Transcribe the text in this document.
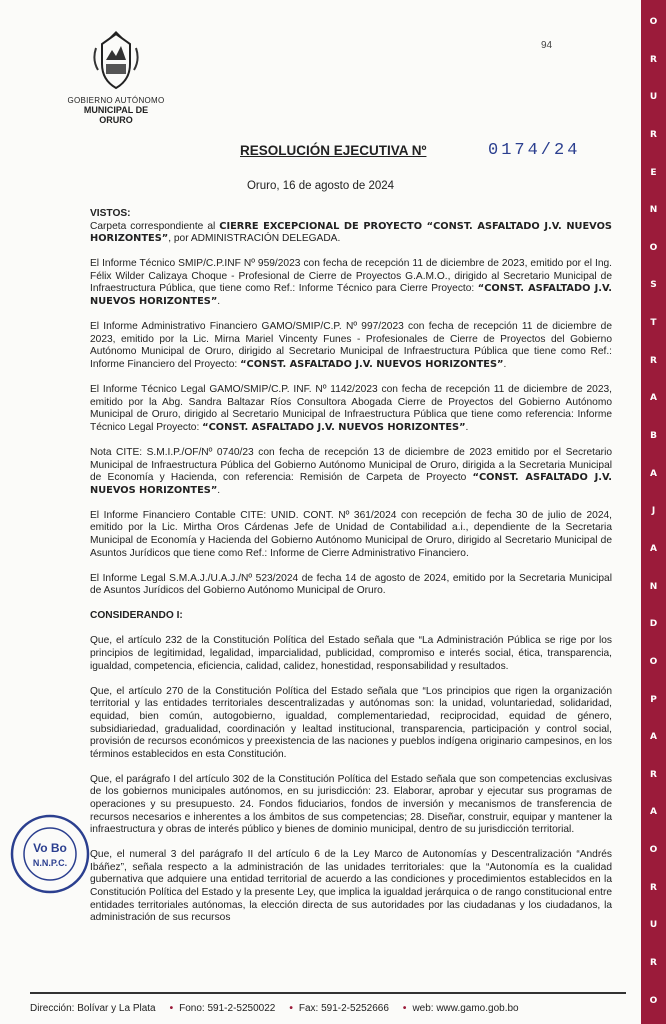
GOBIERNO AUTÓNOMO
MUNICIPAL DE ORURO
94
RESOLUCIÓN EJECUTIVA Nº	0174/24
Oruro, 16 de agosto de 2024

VISTOS:

Carpeta correspondiente al CIERRE EXCEPCIONAL DE PROYECTO “CONST. ASFALTADO J.V. NUEVOS HORIZONTES”, por ADMINISTRACIÓN DELEGADA.

El Informe Técnico SMIP/C.P.INF Nº 959/2023 con fecha de recepción 11 de diciembre de 2023, emitido por el Ing. Félix Wilder Calizaya Choque - Profesional de Cierre de Proyectos G.A.M.O., dirigido al Secretario Municipal de Infraestructura Pública, que tiene como Ref.: Informe Técnico para Cierre Proyecto: “CONST. ASFALTADO J.V. NUEVOS HORIZONTES”.

El Informe Administrativo Financiero GAMO/SMIP/C.P. Nº 997/2023 con fecha de recepción 11 de diciembre de 2023, emitido por la Lic. Mirna Mariel Vincenty Funes - Profesionales de Cierre de Proyectos del Gobierno Autónomo Municipal de Oruro, dirigido al Secretario Municipal de Infraestructura Pública que tiene como Ref.: Informe Financiero del Proyecto: “CONST. ASFALTADO J.V. NUEVOS HORIZONTES”.

El Informe Técnico Legal GAMO/SMIP/C.P. INF. Nº 1142/2023 con fecha de recepción 11 de diciembre de 2023, emitido por la Abg. Sandra Baltazar Ríos Consultora Abogada Cierre de Proyectos del Gobierno Autónomo Municipal de Oruro, dirigido al Secretario Municipal de Infraestructura Pública que tiene como referencia: Informe Técnico Legal Proyecto: “CONST. ASFALTADO J.V. NUEVOS HORIZONTES”.

Nota CITE: S.M.I.P./OF/Nº 0740/23 con fecha de recepción 13 de diciembre de 2023 emitido por el Secretario Municipal de Infraestructura Pública del Gobierno Autónomo Municipal de Oruro, dirigida a la Secretaria Municipal de Economía y Hacienda, con referencia: Remisión de Carpeta de Proyecto “CONST. ASFALTADO J.V. NUEVOS HORIZONTES”.

El Informe Financiero Contable CITE: UNID. CONT. Nº 361/2024 con recepción de fecha 30 de julio de 2024, emitido por la Lic. Mirtha Oros Cárdenas Jefe de Unidad de Contabilidad a.i., dependiente de la Secretaria Municipal de Economía y Hacienda del Gobierno Autónomo Municipal de Oruro, dirigido al Secretario Municipal de Asuntos Jurídicos que tiene como Ref.: Informe de Cierre Administrativo Financiero.

El Informe Legal S.M.A.J./U.A.J./Nº 523/2024 de fecha 14 de agosto de 2024, emitido por la Secretaria Municipal de Asuntos Jurídicos del Gobierno Autónomo Municipal de Oruro.

CONSIDERANDO I:

Que, el artículo 232 de la Constitución Política del Estado señala que “La Administración Pública se rige por los principios de legitimidad, legalidad, imparcialidad, publicidad, compromiso e interés social, ética, transparencia, igualdad, competencia, eficiencia, calidad, calidez, honestidad, responsabilidad y resultados.

Que, el artículo 270 de la Constitución Política del Estado señala que “Los principios que rigen la organización territorial y las entidades territoriales descentralizadas y autónomas son: la unidad, voluntariedad, solidaridad, equidad, bien común, autogobierno, igualdad, complementariedad, reciprocidad, equidad de género, subsidiariedad, gradualidad, coordinación y lealtad institucional, transparencia, participación y control social, provisión de recursos económicos y preexistencia de las naciones y pueblos indígena originario campesinos, en los términos establecidos en esta Constitución.

Que, el parágrafo I del artículo 302 de la Constitución Política del Estado señala que son competencias exclusivas de los gobiernos municipales autónomos, en su jurisdicción: 23. Elaborar, aprobar y ejecutar sus programas de operaciones y su presupuesto. 24. Fondos fiduciarios, fondos de inversión y mecanismos de transferencia de recursos necesarios e inherentes a los ámbitos de sus competencias; 28. Diseñar, construir, equipar y mantener la infraestructura y obras de interés público y bienes de dominio municipal, dentro de su jurisdicción territorial.

Que, el numeral 3 del parágrafo II del artículo 6 de la Ley Marco de Autonomías y Descentralización “Andrés Ibáñez”, señala respecto a la administración de las unidades territoriales: que la “Autonomía es la cualidad gubernativa que adquiere una entidad territorial de acuerdo a las condiciones y procedimientos establecidos en la Constitución Política del Estado y la presente Ley, que implica la igualdad jerárquica o de rango constitucional entre entidades territoriales autónomas, la elección directa de sus autoridades por las ciudadanas y los ciudadanos, la administración de sus recursos

Vo Bo
N.N.P.C.
Dirección: Bolívar y La Plata • Fono: 591-2-5250022 • Fax: 591-2-5252666 • web: www.gamo.gob.bo
O
R
U
R
E
N
O
S
T
R
A
B
A
J
A
N
D
O
P
A
R
A
O
R
U
R
O
